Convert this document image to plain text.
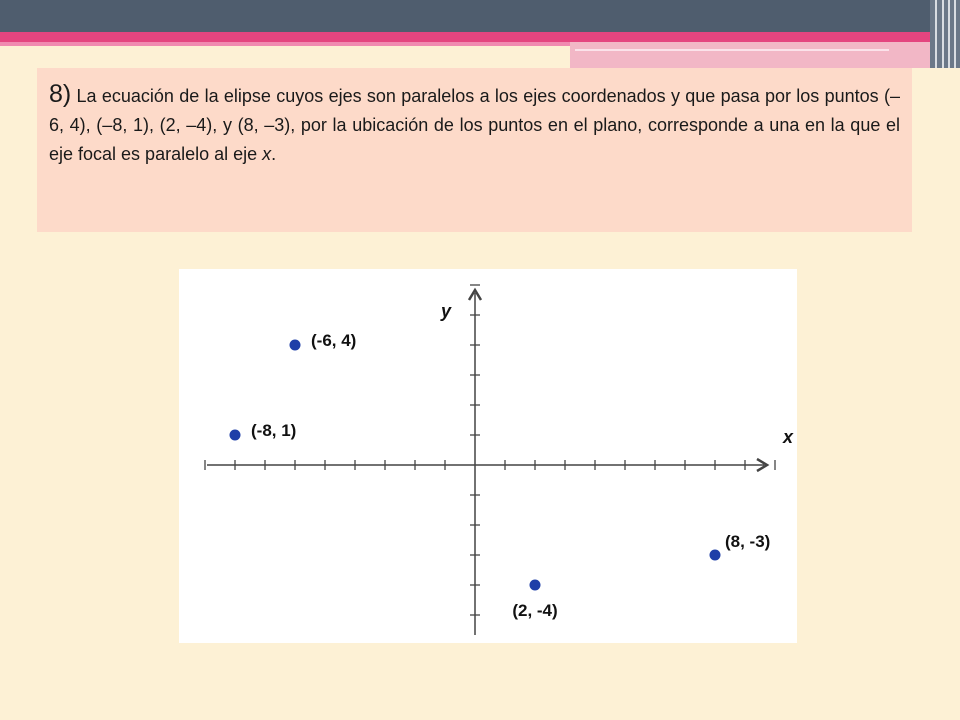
8) La ecuación de la elipse cuyos ejes son paralelos a los ejes coordenados y que pasa por los puntos (–6, 4), (–8, 1), (2, –4), y (8, –3), por la ubicación de los puntos en el plano, corresponde a una en la que el eje focal es paralelo al eje x.

x
y
(-6, 4)
(-8, 1)
(2, -4)
(8, -3)
